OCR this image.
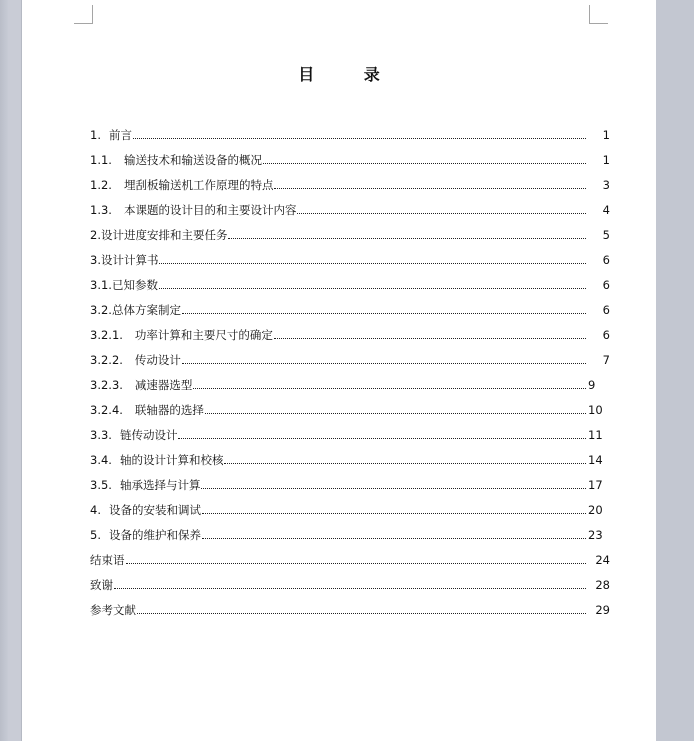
目 录
1. 前言	1
1.1. 输送技术和输送设备的概况	1
1.2. 埋刮板输送机工作原理的特点	3
1.3. 本课题的设计目的和主要设计内容	4
2. 设计进度安排和主要任务	5
3. 设计计算书	6
3.1. 已知参数	6
3.2. 总体方案制定	6
3.2.1. 功率计算和主要尺寸的确定	6
3.2.2. 传动设计	7
3.2.3. 减速器选型	9
3.2.4. 联轴器的选择	10
3.3. 链传动设计	11
3.4. 轴的设计计算和校核	14
3.5. 轴承选择与计算	17
4. 设备的安装和调试	20
5. 设备的维护和保养	23
结束语	24
致谢	28
参考文献	29
